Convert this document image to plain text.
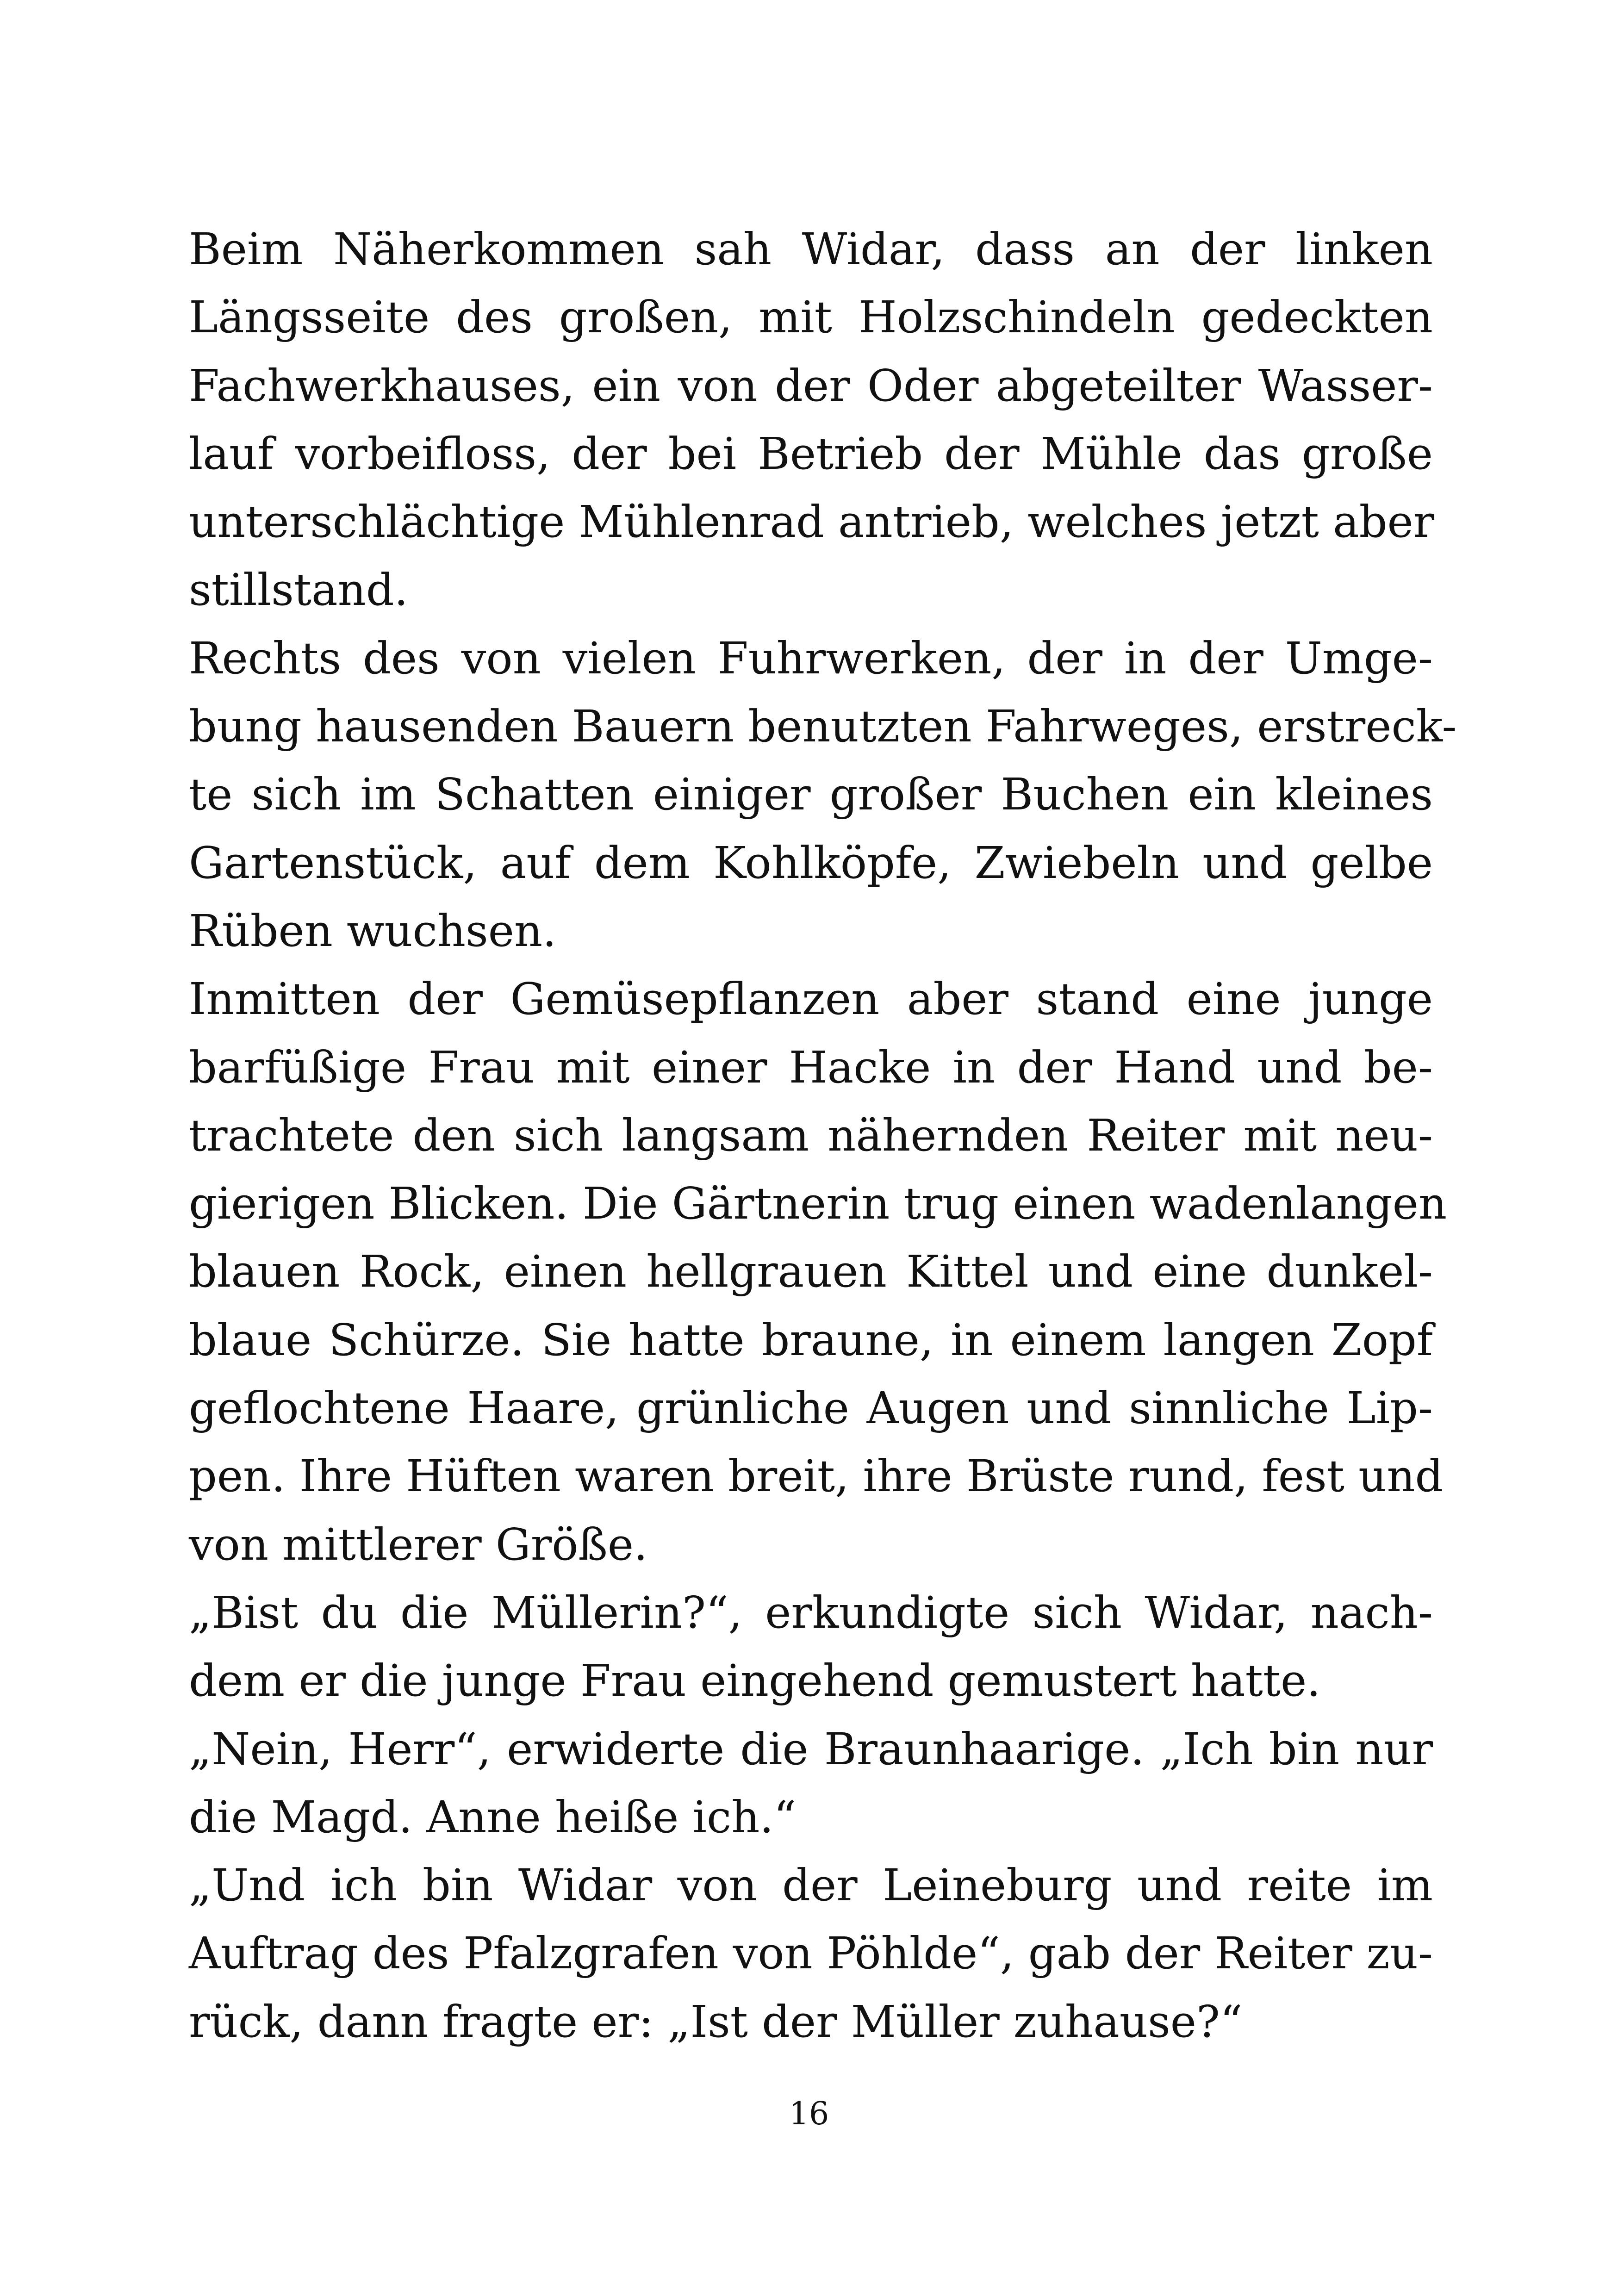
Beim Näherkommen sah Widar, dass an der linken
Längsseite des großen, mit Holzschindeln gedeckten
Fachwerkhauses, ein von der Oder abgeteilter Wasser-
lauf vorbeifloss, der bei Betrieb der Mühle das große
unterschlächtige Mühlenrad antrieb, welches jetzt aber
stillstand.
Rechts des von vielen Fuhrwerken, der in der Umge-
bung hausenden Bauern benutzten Fahrweges, erstreck-
te sich im Schatten einiger großer Buchen ein kleines
Gartenstück, auf dem Kohlköpfe, Zwiebeln und gelbe
Rüben wuchsen.
Inmitten der Gemüsepflanzen aber stand eine junge
barfüßige Frau mit einer Hacke in der Hand und be-
trachtete den sich langsam nähernden Reiter mit neu-
gierigen Blicken. Die Gärtnerin trug einen wadenlangen
blauen Rock, einen hellgrauen Kittel und eine dunkel-
blaue Schürze. Sie hatte braune, in einem langen Zopf
geflochtene Haare, grünliche Augen und sinnliche Lip-
pen. Ihre Hüften waren breit, ihre Brüste rund, fest und
von mittlerer Größe.
„Bist du die Müllerin?“, erkundigte sich Widar, nach-
dem er die junge Frau eingehend gemustert hatte.
„Nein, Herr“, erwiderte die Braunhaarige. „Ich bin nur
die Magd. Anne heiße ich.“
„Und ich bin Widar von der Leineburg und reite im
Auftrag des Pfalzgrafen von Pöhlde“, gab der Reiter zu-
rück, dann fragte er: „Ist der Müller zuhause?“
16
